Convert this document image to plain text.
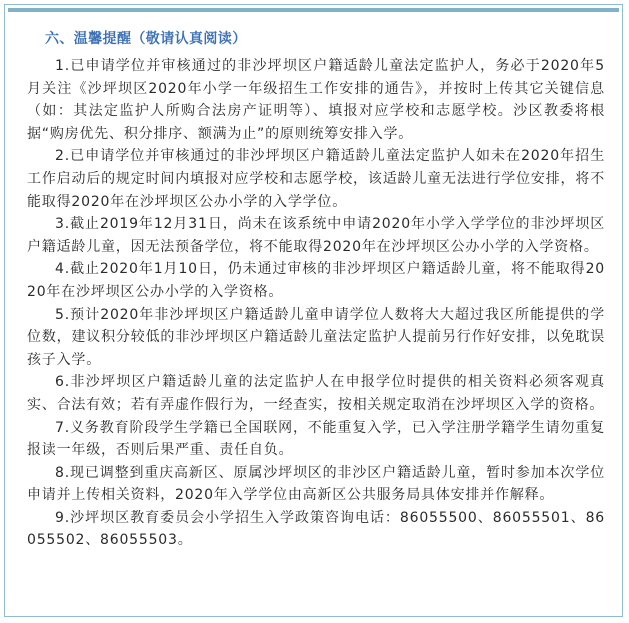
六、温馨提醒（敬请认真阅读）

1.已申请学位并审核通过的非沙坪坝区户籍适龄儿童法定监护人，务必于2020年5月关注《沙坪坝区2020年小学一年级招生工作安排的通告》，并按时上传其它关键信息（如：其法定监护人所购合法房产证明等）、填报对应学校和志愿学校。沙区教委将根据“购房优先、积分排序、额满为止”的原则统筹安排入学。

2.已申请学位并审核通过的非沙坪坝区户籍适龄儿童法定监护人如未在2020年招生工作启动后的规定时间内填报对应学校和志愿学校，该适龄儿童无法进行学位安排，将不能取得2020年在沙坪坝区公办小学的入学学位。

3.截止2019年12月31日，尚未在该系统中申请2020年小学入学学位的非沙坪坝区户籍适龄儿童，因无法预备学位，将不能取得2020年在沙坪坝区公办小学的入学资格。

4.截止2020年1月10日，仍未通过审核的非沙坪坝区户籍适龄儿童，将不能取得2020年在沙坪坝区公办小学的入学资格。

5.预计2020年非沙坪坝区户籍适龄儿童申请学位人数将大大超过我区所能提供的学位数，建议积分较低的非沙坪坝区户籍适龄儿童法定监护人提前另行作好安排，以免耽误孩子入学。

6.非沙坪坝区户籍适龄儿童的法定监护人在申报学位时提供的相关资料必须客观真实、合法有效；若有弄虚作假行为，一经查实，按相关规定取消在沙坪坝区入学的资格。

7.义务教育阶段学生学籍已全国联网，不能重复入学，已入学注册学籍学生请勿重复报读一年级，否则后果严重、责任自负。

8.现已调整到重庆高新区、原属沙坪坝区的非沙区户籍适龄儿童，暂时参加本次学位申请并上传相关资料，2020年入学学位由高新区公共服务局具体安排并作解释。

9.沙坪坝区教育委员会小学招生入学政策咨询电话：86055500、86055501、86055502、86055503。
